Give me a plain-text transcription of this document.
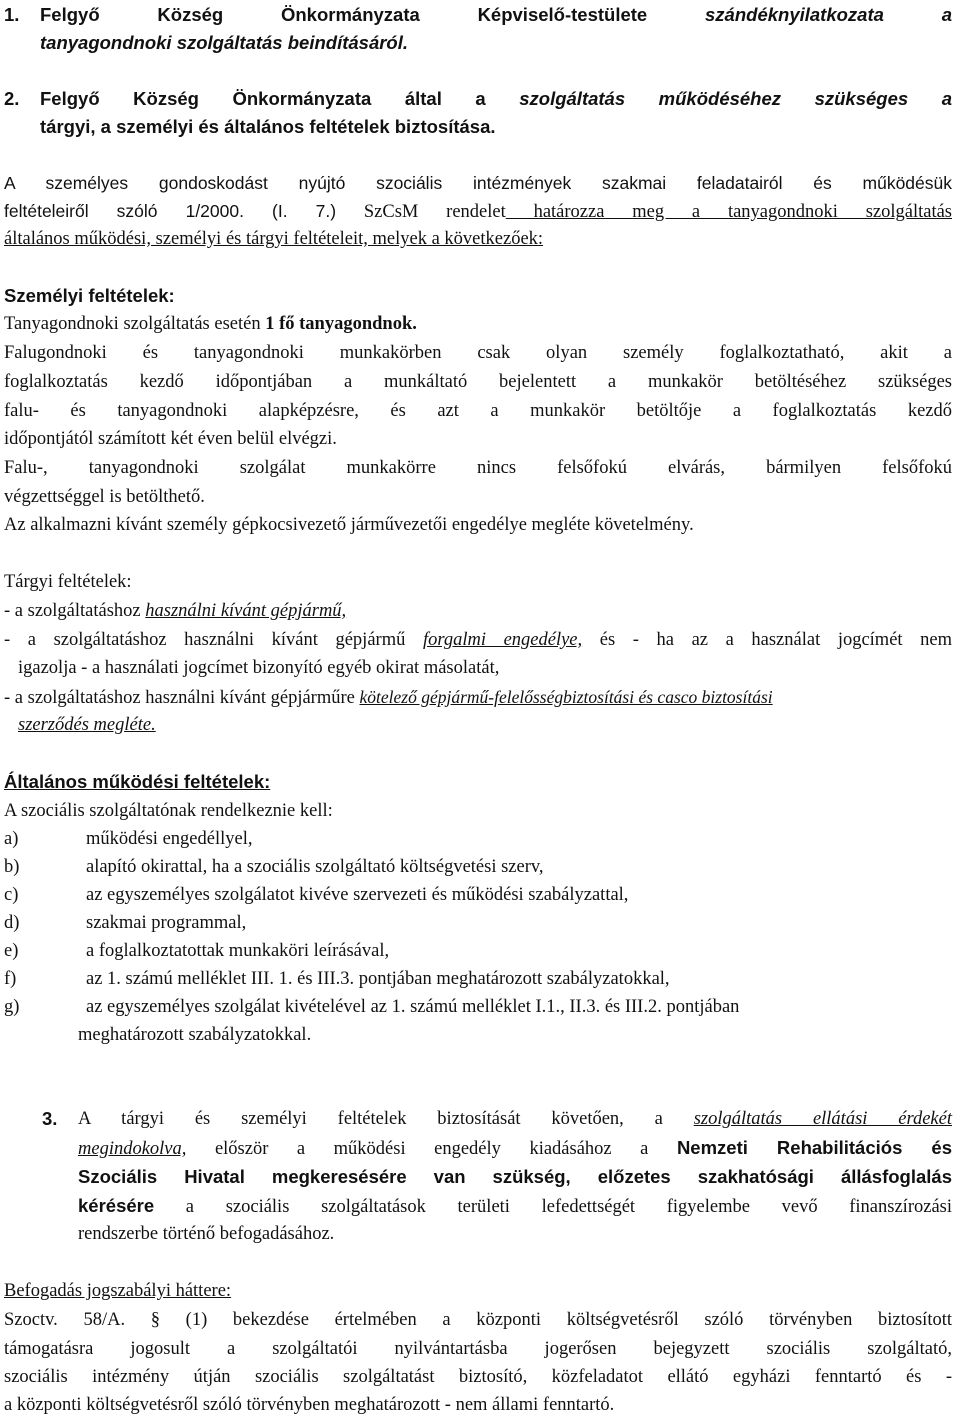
1. Felgyő Község Önkormányzata Képviselő-testülete	szándéknyilatkozata a
tanyagondnoki szolgáltatás beindításáról.
2. Felgyő Község Önkormányzata által a szolgáltatás működéséhez szükséges a
tárgyi, a személyi és általános feltételek biztosítása.
A személyes gondoskodást nyújtó szociális intézmények szakmai feladatairól és működésük
feltételeiről szóló 1/2000. (I. 7.) SzCsM rendelet határozza meg a tanyagondnoki szolgáltatás
általános működési, személyi és tárgyi feltételeit, melyek a következőek:
Személyi feltételek:
Tanyagondnoki szolgáltatás esetén 1 fő tanyagondnok.
Falugondnoki és tanyagondnoki munkakörben csak olyan személy foglalkoztatható, akit a
foglalkoztatás kezdő időpontjában a munkáltató bejelentett a munkakör betöltéséhez szükséges
falu- és tanyagondnoki alapképzésre, és azt a munkakör betöltője a foglalkoztatás kezdő
időpontjától számított két éven belül elvégzi.
Falu-, tanyagondnoki szolgálat munkakörre nincs felsőfokú elvárás, bármilyen felsőfokú
végzettséggel is betölthető.
Az alkalmazni kívánt személy gépkocsivezető járművezetői engedélye megléte követelmény.
Tárgyi feltételek:
- a szolgáltatáshoz használni kívánt gépjármű,
- a szolgáltatáshoz használni kívánt gépjármű forgalmi engedélye, és - ha az a használat jogcímét nem
igazolja - a használati jogcímet bizonyító egyéb okirat másolatát,
- a szolgáltatáshoz használni kívánt gépjárműre kötelező gépjármű-felelősségbiztosítási és casco biztosítási
szerződés megléte.
Általános működési feltételek:
A szociális szolgáltatónak rendelkeznie kell:
a)	működési engedéllyel,
b)	alapító okirattal, ha a szociális szolgáltató költségvetési szerv,
c)	az egyszemélyes szolgálatot kivéve szervezeti és működési szabályzattal,
d)	szakmai programmal,
e)	a foglalkoztatottak munkaköri leírásával,
f)	az 1. számú melléklet III. 1. és III.3. pontjában meghatározott szabályzatokkal,
g)	az egyszemélyes szolgálat kivételével az 1. számú melléklet I.1., II.3. és III.2. pontjában
meghatározott szabályzatokkal.
3. A tárgyi és személyi feltételek biztosítását követően, a szolgáltatás ellátási érdekét
megindokolva, először a működési engedély kiadásához a Nemzeti Rehabilitációs és
Szociális Hivatal megkeresésére van szükség, előzetes szakhatósági állásfoglalás
kérésére a szociális szolgáltatások területi lefedettségét figyelembe vevő finanszírozási
rendszerbe történő befogadásához.
Befogadás jogszabályi háttere:
Szoctv. 58/A. § (1) bekezdése értelmében a központi költségvetésről szóló törvényben biztosított
támogatásra jogosult a szolgáltatói nyilvántartásba jogerősen bejegyzett szociális szolgáltató,
szociális intézmény útján szociális szolgáltatást biztosító, közfeladatot ellátó egyházi fenntartó és -
a központi költségvetésről szóló törvényben meghatározott - nem állami fenntartó.
